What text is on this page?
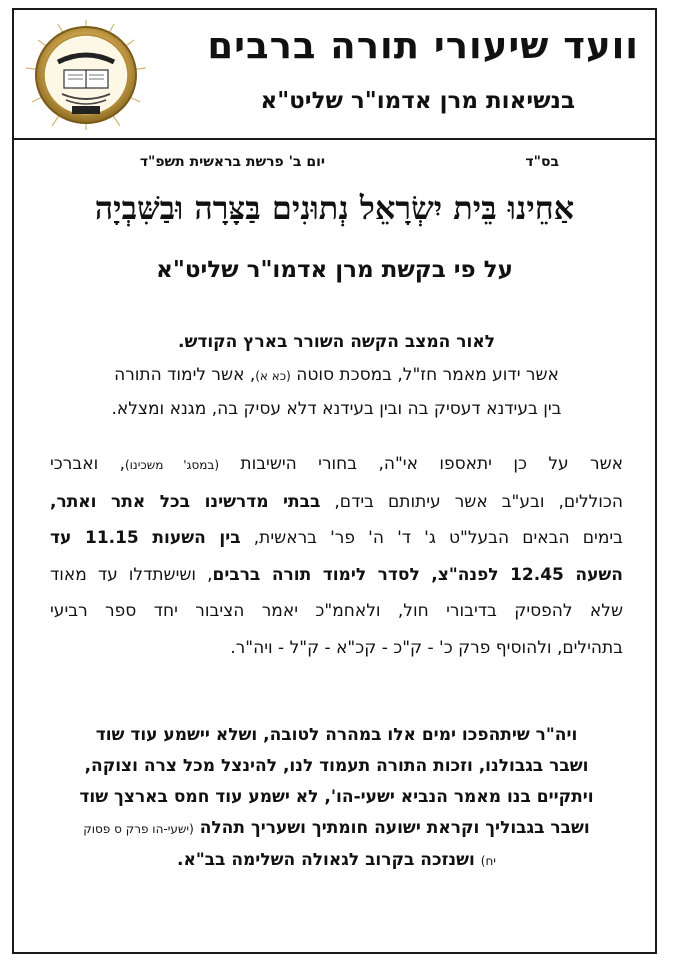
וועד שיעורי תורה ברבים
בנשיאות מרן אדמו"ר שליט"א
בס"ד
יום ב' פרשת בראשית תשפ"ד
אַחֵינוּ בֵּית יִשְׂרָאֵל נְתוּנִים בַּצָּרָה וּבַשִּׁבְיָה
על פי בקשת מרן אדמו"ר שליט"א
לאור המצב הקשה השורר בארץ הקודש.
אשר ידוע מאמר חז"ל, במסכת סוטה (כא א), אשר לימוד התורה
בין בעידנא דעסיק בה ובין בעידנא דלא עסיק בה, מגנא ומצלא.
אשר על כן יתאספו אי"ה, בחורי הישיבות (במסג' משכינו), ואברכי
הכוללים, ובע"ב אשר עיתותם בידם, בבתי מדרשינו בכל אתר ואתר,
בימים הבאים הבעל"ט ג' ד' ה' פר' בראשית, בין השעות 11.15 עד
השעה 12.45 לפנה"צ, לסדר לימוד תורה ברבים, ושישתדלו עד מאוד
שלא להפסיק בדיבורי חול, ולאחמ"כ יאמר הציבור יחד ספר רביעי
בתהילים, ולהוסיף פרק כ' - ק"כ - קכ"א - ק"ל - ויה"ר.
ויה"ר שיתהפכו ימים אלו במהרה לטובה, ושלא יישמע עוד שוד
ושבר בגבולנו, וזכות התורה תעמוד לנו, להינצל מכל צרה וצוקה,
ויתקיים בנו מאמר הנביא ישעי-הו', לא ישמע עוד חמס בארצך שוד
ושבר בגבוליך וקראת ישועה חומתיך ושעריך תהלה (ישעי-הו פרק ס פסוק
יח) ושנזכה בקרוב לגאולה השלימה בב"א.
